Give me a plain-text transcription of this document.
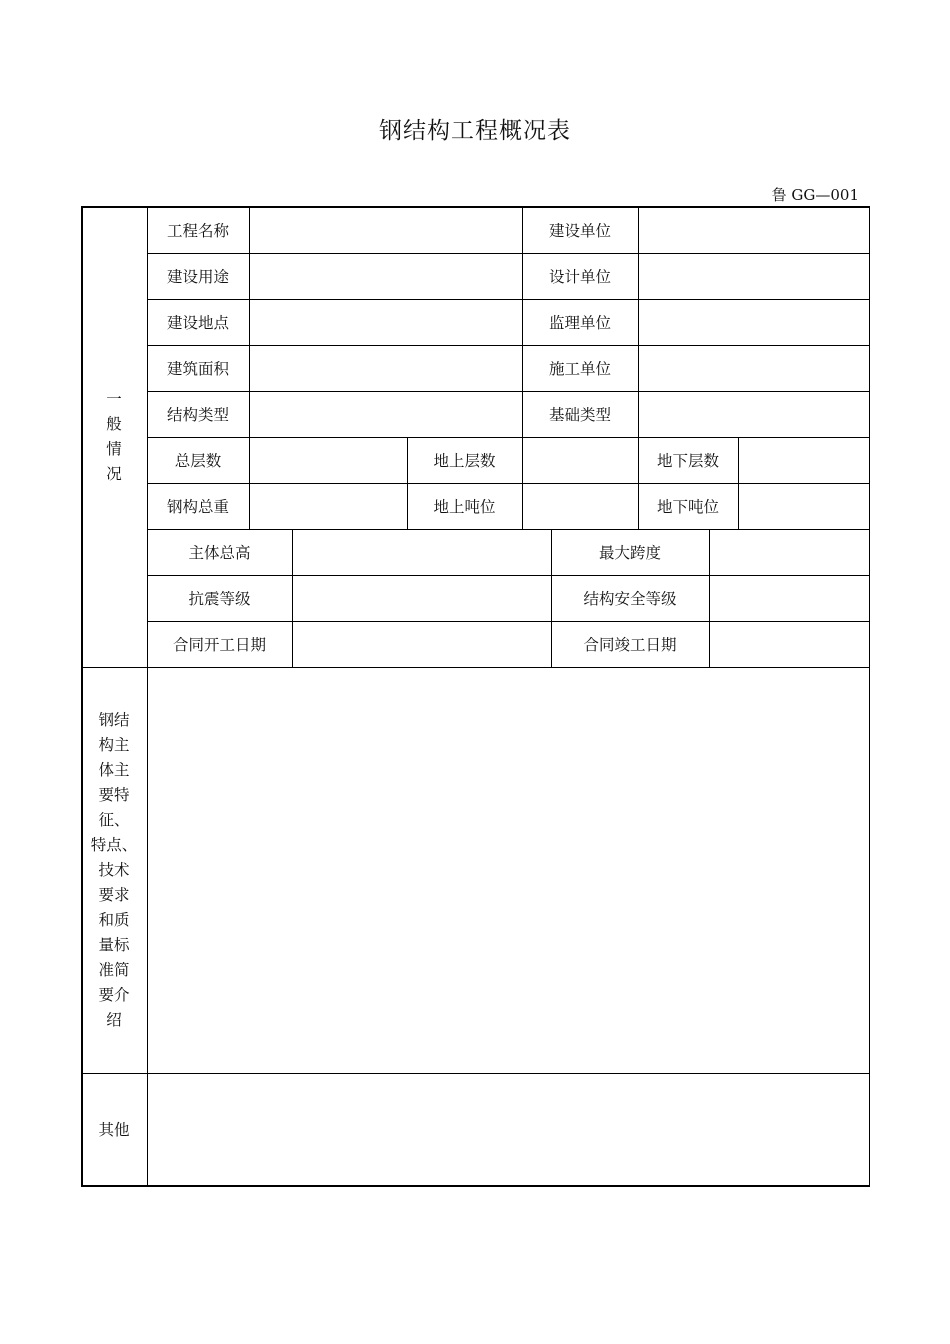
钢结构工程概况表
鲁 GG—001
一
般
情
况
钢结
构主
体主
要特
征、
特点、
技术
要求
和质
量标
准简
要介
绍
其他
工程名称	建设单位
建设用途	设计单位
建设地点	监理单位
建筑面积	施工单位
结构类型	基础类型
总层数	地上层数	地下层数
钢构总重	地上吨位	地下吨位
主体总高	最大跨度
抗震等级	结构安全等级
合同开工日期	合同竣工日期
